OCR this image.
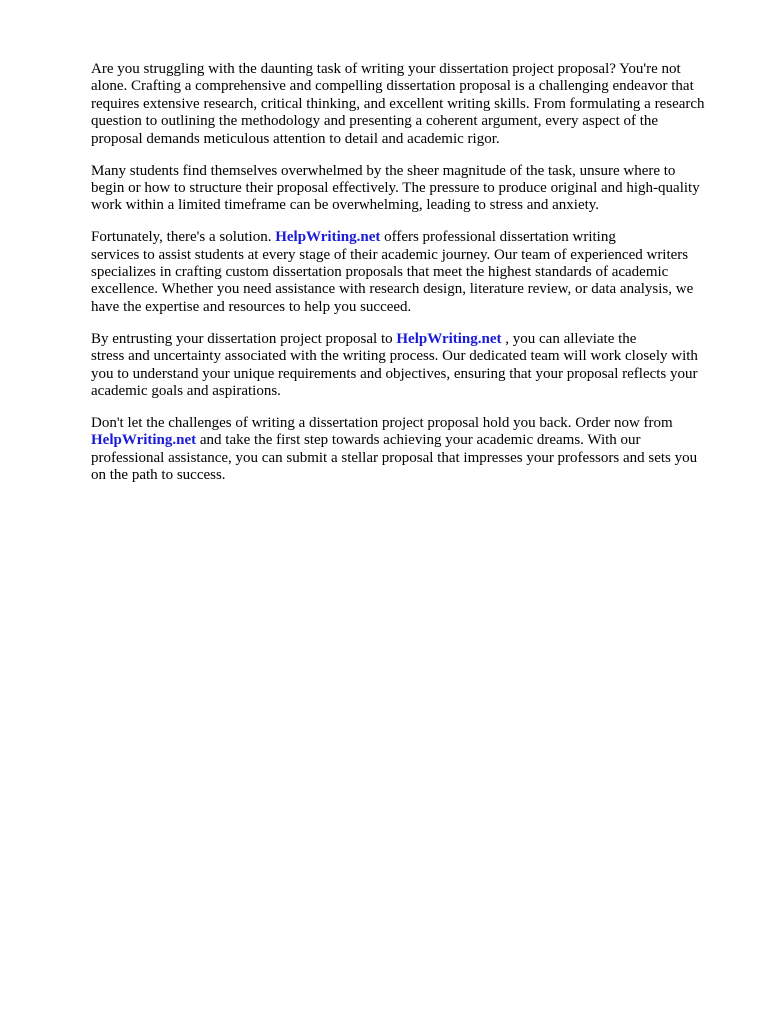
Are you struggling with the daunting task of writing your dissertation project proposal? You're not
alone. Crafting a comprehensive and compelling dissertation proposal is a challenging endeavor that
requires extensive research, critical thinking, and excellent writing skills. From formulating a research
question to outlining the methodology and presenting a coherent argument, every aspect of the
proposal demands meticulous attention to detail and academic rigor.

Many students find themselves overwhelmed by the sheer magnitude of the task, unsure where to
begin or how to structure their proposal effectively. The pressure to produce original and high-quality
work within a limited timeframe can be overwhelming, leading to stress and anxiety.

Fortunately, there's a solution. HelpWriting.net offers professional dissertation writing
services to assist students at every stage of their academic journey. Our team of experienced writers
specializes in crafting custom dissertation proposals that meet the highest standards of academic
excellence. Whether you need assistance with research design, literature review, or data analysis, we
have the expertise and resources to help you succeed.

By entrusting your dissertation project proposal to HelpWriting.net , you can alleviate the
stress and uncertainty associated with the writing process. Our dedicated team will work closely with
you to understand your unique requirements and objectives, ensuring that your proposal reflects your
academic goals and aspirations.

Don't let the challenges of writing a dissertation project proposal hold you back. Order now from
HelpWriting.net and take the first step towards achieving your academic dreams. With our
professional assistance, you can submit a stellar proposal that impresses your professors and sets you
on the path to success.
